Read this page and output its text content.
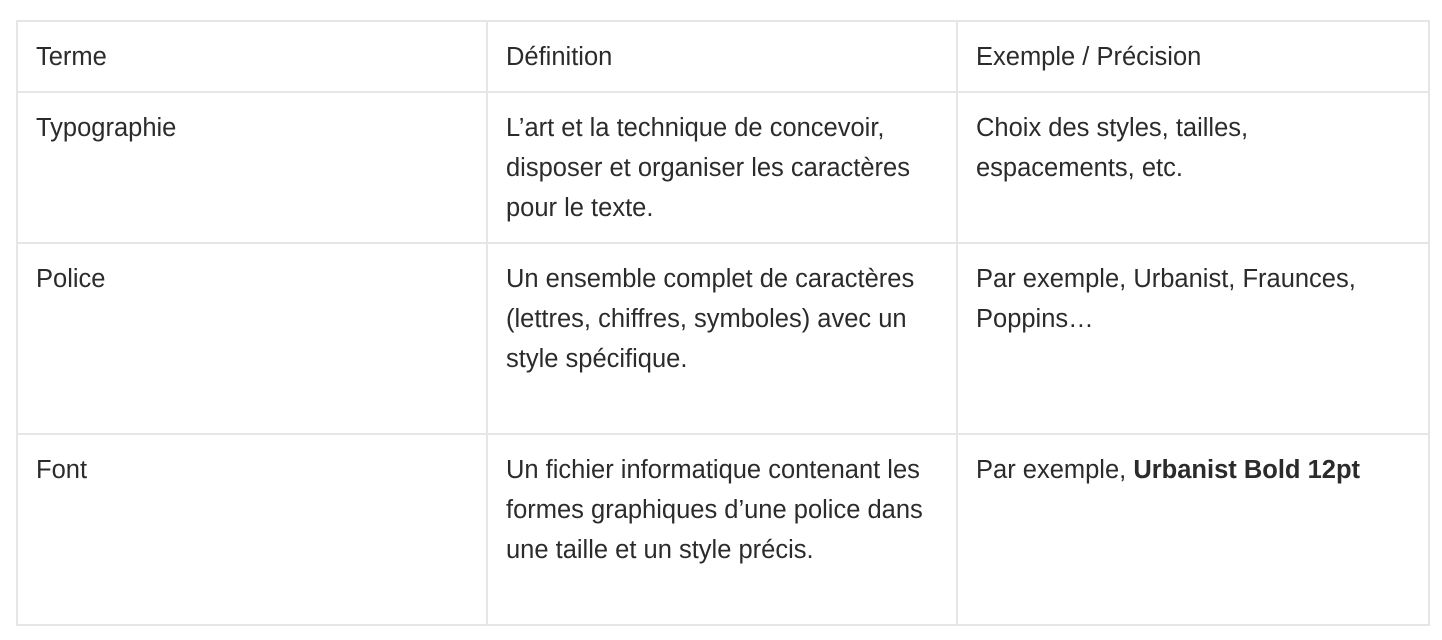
Terme	Définition	Exemple / Précision
Typographie	L’art et la technique de concevoir, disposer et organiser les caractères pour le texte.	Choix des styles, tailles, espacements, etc.
Police	Un ensemble complet de caractères (lettres, chiffres, symboles) avec un style spécifique.	Par exemple, Urbanist, Fraunces, Poppins…
Font	Un fichier informatique contenant les formes graphiques d’une police dans une taille et un style précis.	Par exemple, Urbanist Bold 12pt
